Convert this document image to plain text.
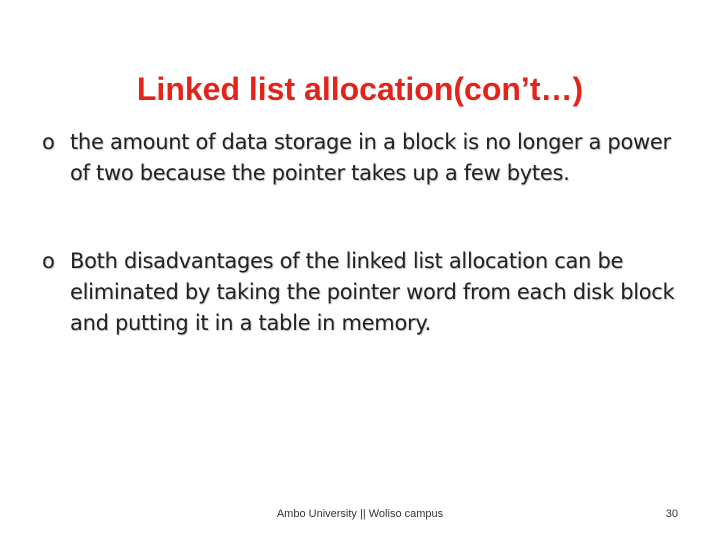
Linked list allocation(con’t…)
o the amount of data storage in a block is no longer a power of two because the pointer takes up a few bytes.
o Both disadvantages of the linked list allocation can be eliminated by taking the pointer word from each disk block and putting it in a table in memory.
Ambo University || Woliso campus	30
